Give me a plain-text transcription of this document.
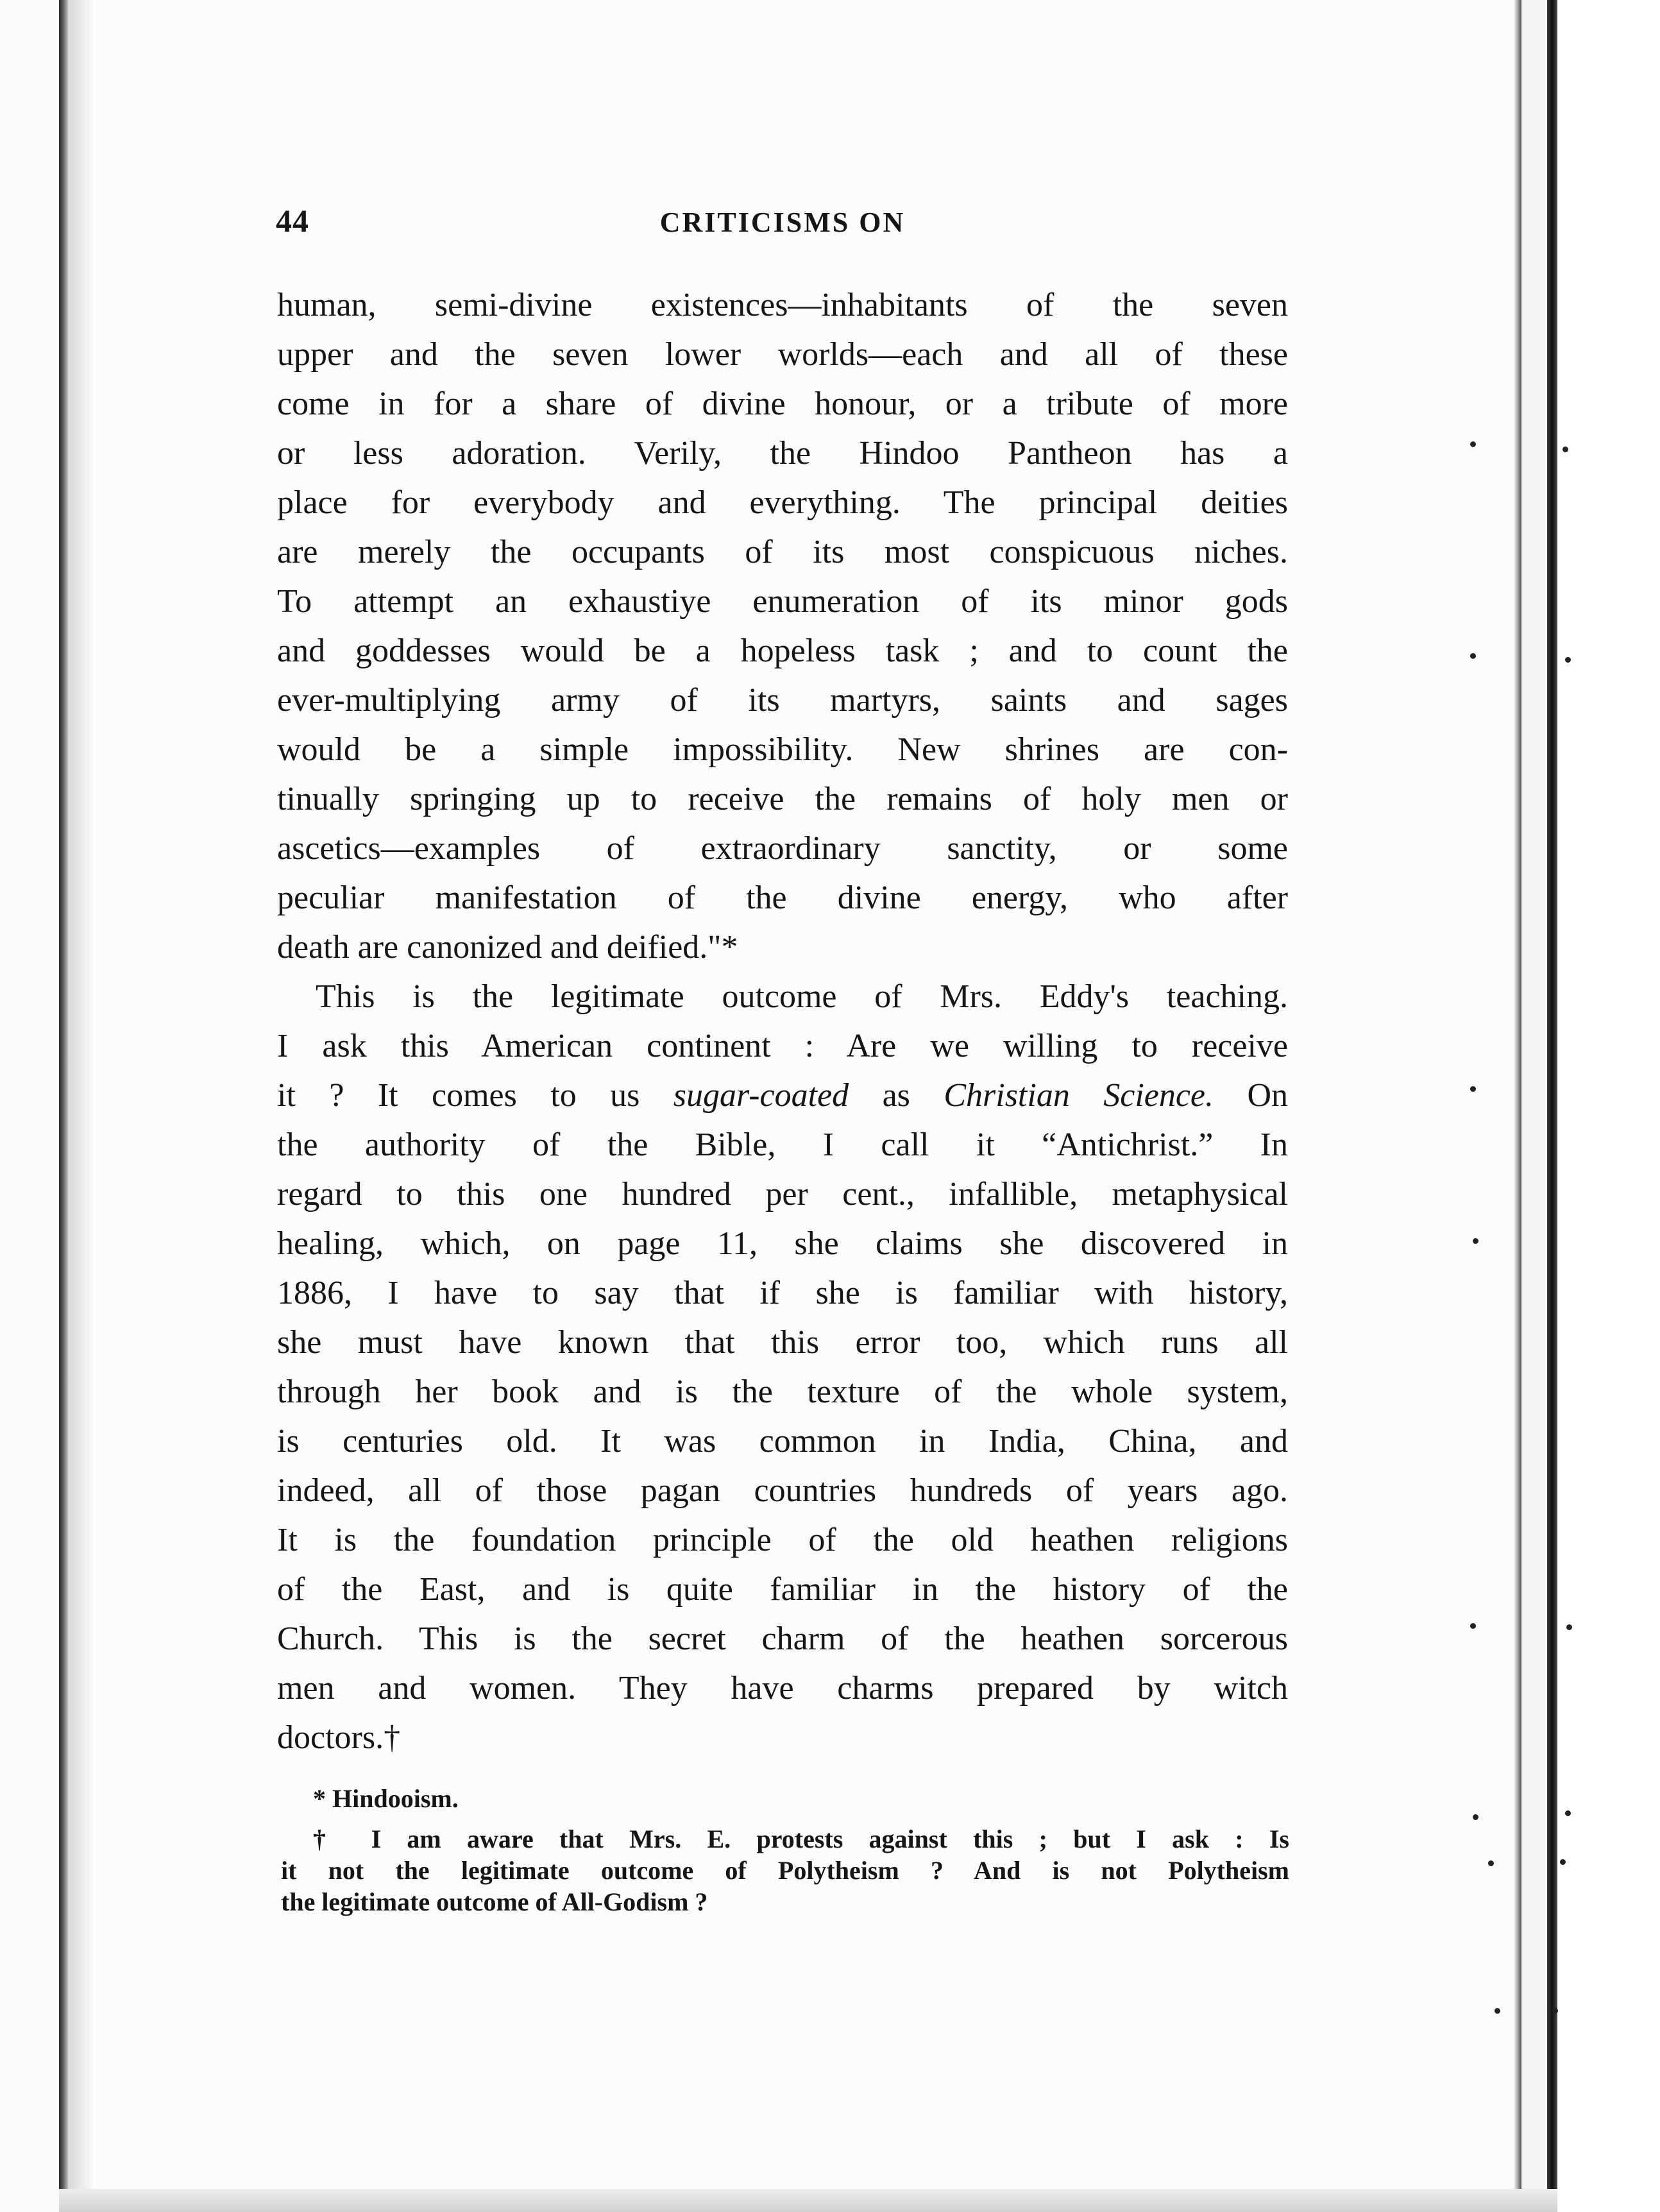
44	CRITICISMS ON
human, semi-divine existences—inhabitants of the seven
upper and the seven lower worlds—each and all of these
come in for a share of divine honour, or a tribute of more
or less adoration. Verily, the Hindoo Pantheon has a
place for everybody and everything. The principal deities
are merely the occupants of its most conspicuous niches.
To attempt an exhaustiye enumeration of its minor gods
and goddesses would be a hopeless task ; and to count the
ever-multiplying army of its martyrs, saints and sages
would be a simple impossibility. New shrines are con-
tinually springing up to receive the remains of holy men or
ascetics—examples of extraordinary sanctity, or some
peculiar manifestation of the divine energy, who after
death are canonized and deified."*
This is the legitimate outcome of Mrs. Eddy's teaching.
I ask this American continent : Are we willing to receive
it ? It comes to us sugar-coated as Christian Science. On
the authority of the Bible, I call it “Antichrist.” In
regard to this one hundred per cent., infallible, metaphysical
healing, which, on page 11, she claims she discovered in
1886, I have to say that if she is familiar with history,
she must have known that this error too, which runs all
through her book and is the texture of the whole system,
is centuries old. It was common in India, China, and
indeed, all of those pagan countries hundreds of years ago.
It is the foundation principle of the old heathen religions
of the East, and is quite familiar in the history of the
Church. This is the secret charm of the heathen sorcerous
men and women. They have charms prepared by witch
doctors.†
* Hindooism.
† I am aware that Mrs. E. protests against this ; but I ask : Is
it not the legitimate outcome of Polytheism ? And is not Polytheism
the legitimate outcome of All-Godism ?
